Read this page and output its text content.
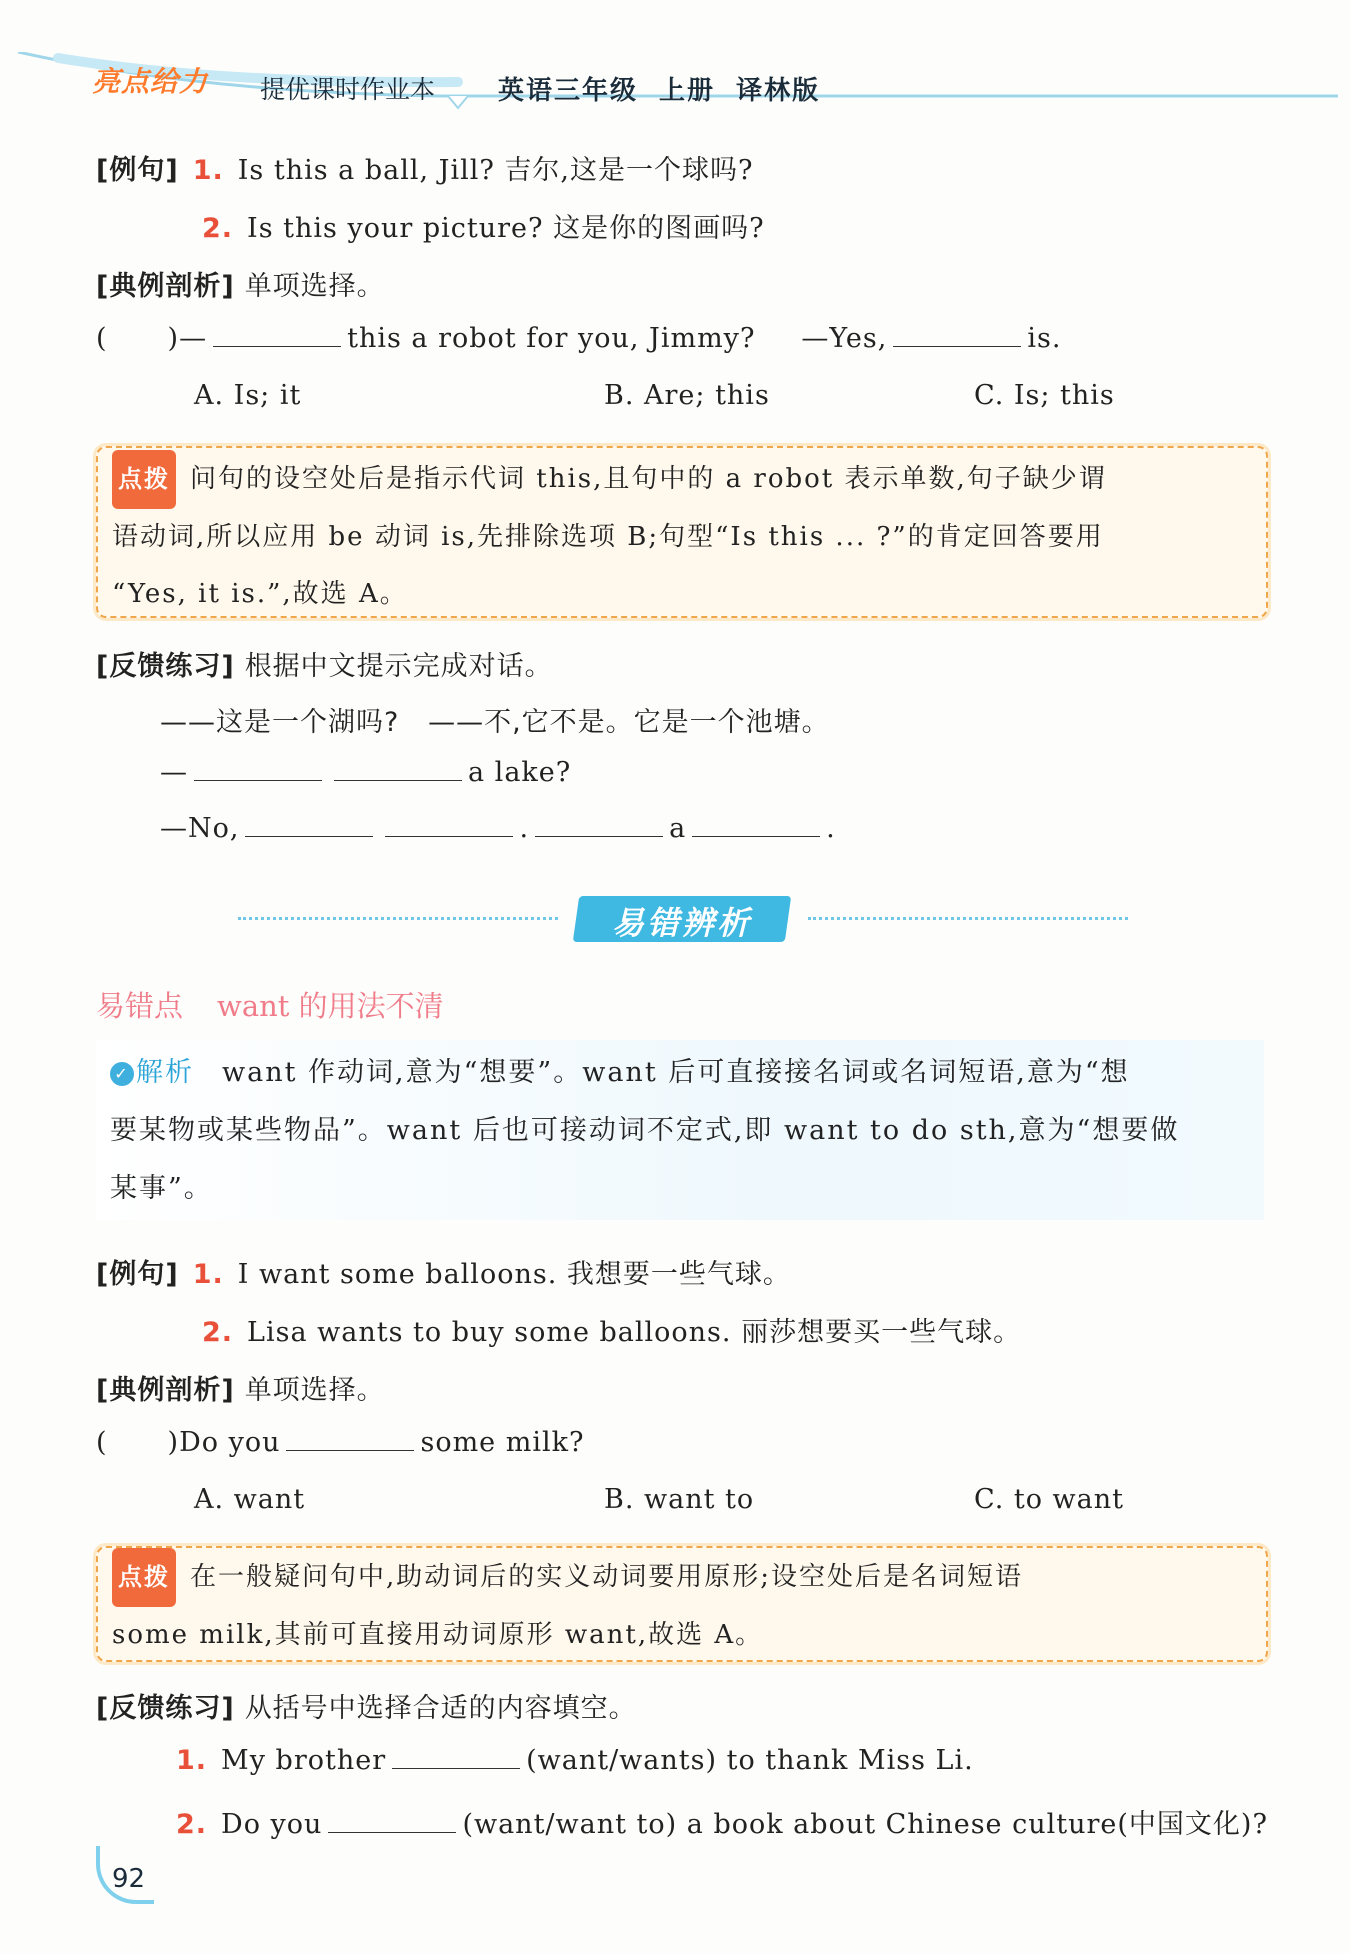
亮点给力 提优课时作业本 英语三年级 上册 译林版
[例句] 1. Is this a ball, Jill? 吉尔,这是一个球吗?
2. Is this your picture? 这是你的图画吗?
[典例剖析] 单项选择。
( )—	this a robot for you, Jimmy? —Yes,	is.
A. Is; it	B. Are; this	C. Is; this
点拨 问句的设空处后是指示代词 this,且句中的 a robot 表示单数,句子缺少谓
语动词,所以应用 be 动词 is,先排除选项 B;句型“Is this ... ?”的肯定回答要用
“Yes, it is.”,故选 A。
[反馈练习] 根据中文提示完成对话。
——这是一个湖吗?   ——不,它不是。它是一个池塘。
—	a lake?
—No,	.	a	.
易错辨析
易错点 want 的用法不清
✓ 解析 want 作动词,意为“想要”。want 后可直接接名词或名词短语,意为“想
要某物或某些物品”。want 后也可接动词不定式,即 want to do sth,意为“想要做
某事”。
[例句] 1. I want some balloons. 我想要一些气球。
2. Lisa wants to buy some balloons. 丽莎想要买一些气球。
[典例剖析] 单项选择。
( )Do you	some milk?
A. want	B. want to	C. to want
点拨 在一般疑问句中,助动词后的实义动词要用原形;设空处后是名词短语
some milk,其前可直接用动词原形 want,故选 A。
[反馈练习] 从括号中选择合适的内容填空。
1. My brother	(want/wants) to thank Miss Li.
2. Do you	(want/want to) a book about Chinese culture(中国文化)?
92
